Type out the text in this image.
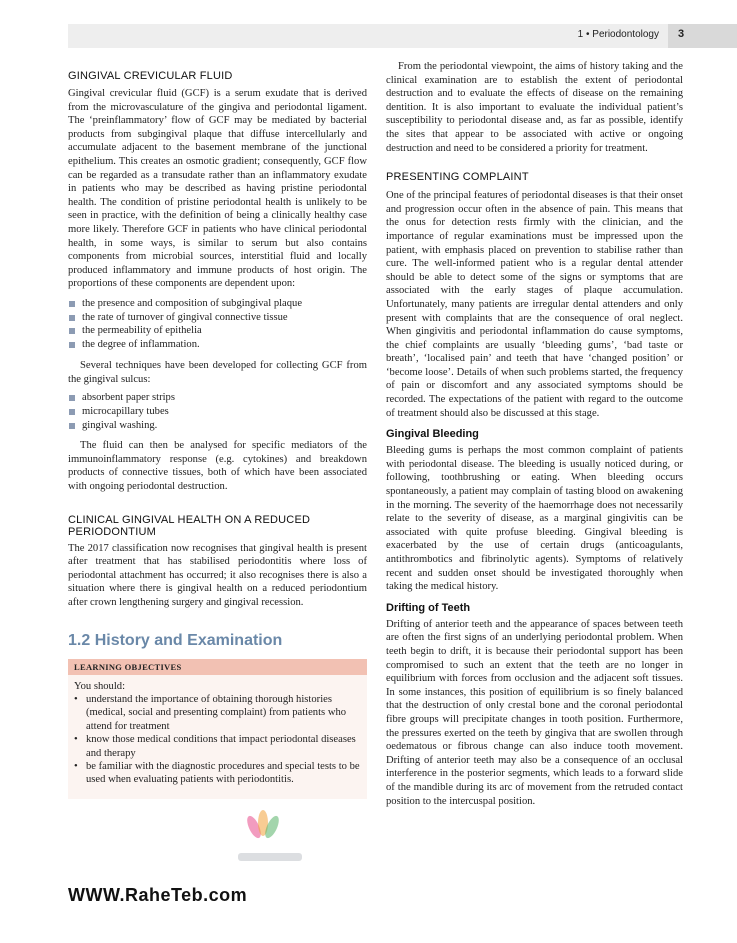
1 • Periodontology	3
GINGIVAL CREVICULAR FLUID

Gingival crevicular fluid (GCF) is a serum exudate that is derived from the microvasculature of the gingiva and periodontal ligament. The ‘preinflammatory’ flow of GCF may be mediated by bacterial products from subgingival plaque that diffuse intercellularly and accumulate adjacent to the basement membrane of the junctional epithelium. This creates an osmotic gradient; consequently, GCF flow can be regarded as a transudate rather than an inflammatory exudate in patients who may be described as having pristine periodontal health. The condition of pristine periodontal health is unlikely to be seen in practice, with the definition of being a clinically healthy case more likely. Therefore GCF in patients who have clinical periodontal health, in some ways, is similar to serum but also contains components from microbial sources, interstitial fluid and locally produced inflammatory and immune products of host origin. The proportions of these components are dependent upon:

the presence and composition of subgingival plaque
the rate of turnover of gingival connective tissue
the permeability of epithelia
the degree of inflammation.

Several techniques have been developed for collecting GCF from the gingival sulcus:

absorbent paper strips
microcapillary tubes
gingival washing.

The fluid can then be analysed for specific mediators of the immunoinflammatory response (e.g. cytokines) and breakdown products of connective tissues, both of which have been associated with ongoing periodontal destruction.

CLINICAL GINGIVAL HEALTH ON A REDUCED
PERIODONTIUM

The 2017 classification now recognises that gingival health is present after treatment that has stabilised periodontitis where loss of periodontal attachment has occurred; it also recognises there is also a situation where there is gingival health on a reduced periodontium after crown lengthening surgery and gingival recession.

1.2 History and Examination
LEARNING OBJECTIVES
You should:
• understand the importance of obtaining thorough histories (medical, social and presenting complaint) from patients who attend for treatment
• know those medical conditions that impact periodontal diseases and therapy
• be familiar with the diagnostic procedures and special tests to be used when evaluating patients with periodontitis.

From the periodontal viewpoint, the aims of history taking and the clinical examination are to establish the extent of periodontal destruction and to evaluate the effects of disease on the remaining dentition. It is also important to evaluate the individual patient’s susceptibility to periodontal disease and, as far as possible, identify the sites that appear to be associated with active or ongoing destruction and need to be considered a priority for treatment.

PRESENTING COMPLAINT

One of the principal features of periodontal diseases is that their onset and progression occur often in the absence of pain. This means that the onus for detection rests firmly with the clinician, and the importance of regular examinations must be impressed upon the patient, with emphasis placed on prevention to stabilise rather than cure. The well-informed patient who is a regular dental attender should be able to detect some of the signs or symptoms that are associated with the early stages of plaque accumulation. Unfortunately, many patients are irregular dental attenders and only present with complaints that are the consequence of oral neglect. When gingivitis and periodontal inflammation do cause symptoms, the chief complaints are usually ‘bleeding gums’, ‘bad taste or breath’, ‘localised pain’ and teeth that have ‘changed position’ or ‘become loose’. Details of when such problems started, the frequency of pain or discomfort and any associated symptoms should be recorded. The expectations of the patient with regard to the outcome of treatment should also be discussed at this stage.

Gingival Bleeding

Bleeding gums is perhaps the most common complaint of patients with periodontal disease. The bleeding is usually noticed during, or following, toothbrushing or eating. When bleeding occurs spontaneously, a patient may complain of tasting blood on awakening in the morning. The severity of the haemorrhage does not necessarily relate to the severity of disease, as a marginal gingivitis can be associated with quite profuse bleeding. Gingival bleeding is exacerbated by the use of certain drugs (anticoagulants, antithrombotics and fibrinolytic agents). Symptoms of relatively recent and sudden onset should be investigated thoroughly when taking the medical history.

Drifting of Teeth

Drifting of anterior teeth and the appearance of spaces between teeth are often the first signs of an underlying periodontal problem. When teeth begin to drift, it is because their periodontal support has been compromised to such an extent that the teeth are no longer in equilibrium with forces from occlusion and the adjacent soft tissues. In some instances, this position of equilibrium is so finely balanced that the destruction of only crestal bone and the coronal periodontal fibre groups will precipitate changes in tooth position. Furthermore, the pressures exerted on the teeth by gingiva that are swollen through oedematous or fibrous change can also induce tooth movement. Drifting of anterior teeth may also be a consequence of an occlusal interference in the posterior segments, which leads to a forward slide of the mandible during its arc of movement from the retruded contact position to the intercuspal position.

WWW.RaheTeb.com
